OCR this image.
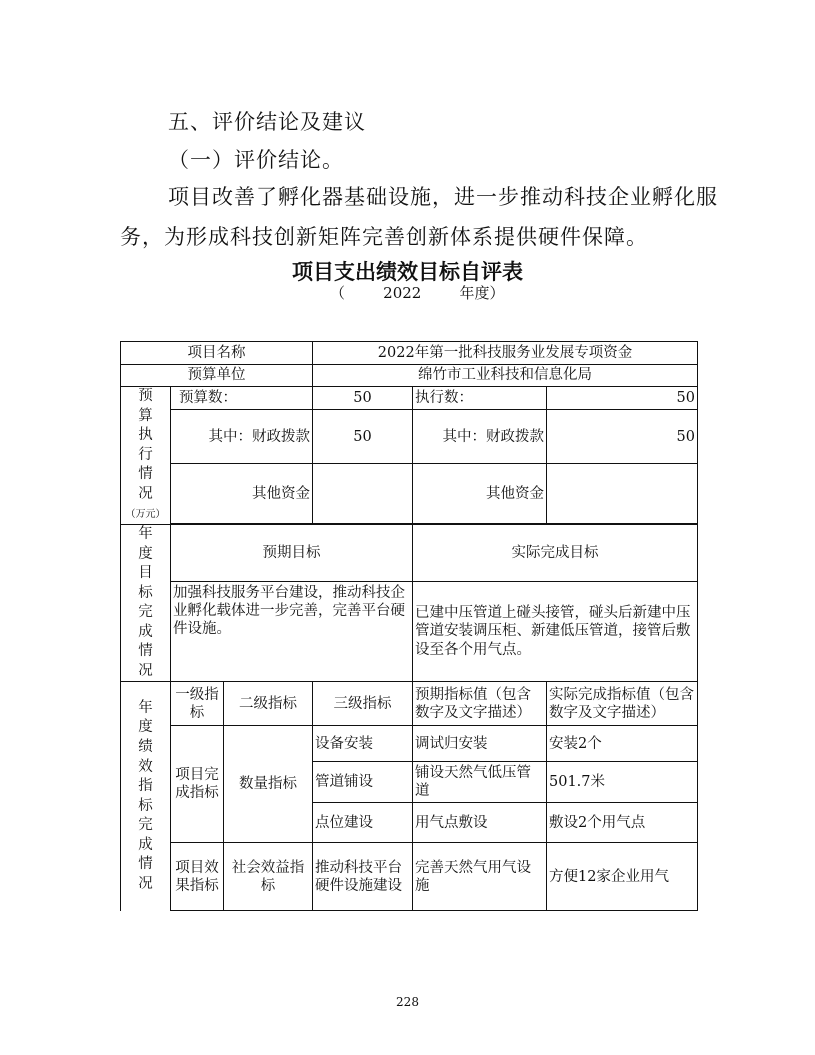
五、评价结论及建议
（一）评价结论。
项目改善了孵化器基础设施，进一步推动科技企业孵化服
务，为形成科技创新矩阵完善创新体系提供硬件保障。
项目支出绩效目标自评表
（        2022        年度）
项目名称			2022年第一批科技服务业发展专项资金		
预算单位			绵竹市工业科技和信息化局		

预算执行情况
（万元）	预算数：		50	执行数：	50
	其中：财政拨款		50	其中：财政拨款	50
	其他资金			其他资金	

年度目标完成情况	预期目标			实际完成目标	
	加强科技服务平台建设，推动科技企业孵化载体进一步完善，完善平台硬件设施。			已建中压管道上碰头接管，碰头后新建中压管道安装调压柜、新建低压管道，接管后敷设至各个用气点。	

年度绩效指标完成情况	一级指标	二级指标	三级指标	预期指标值（包含数字及文字描述）	实际完成指标值（包含数字及文字描述）
	项目完成指标	数量指标	设备安装	调试归安装	安装2个
			管道铺设	铺设天然气低压管道	501.7米
			点位建设	用气点敷设	敷设2个用气点
	项目效果指标	社会效益指标	推动科技平台硬件设施建设	完善天然气用气设施	方便12家企业用气
228
